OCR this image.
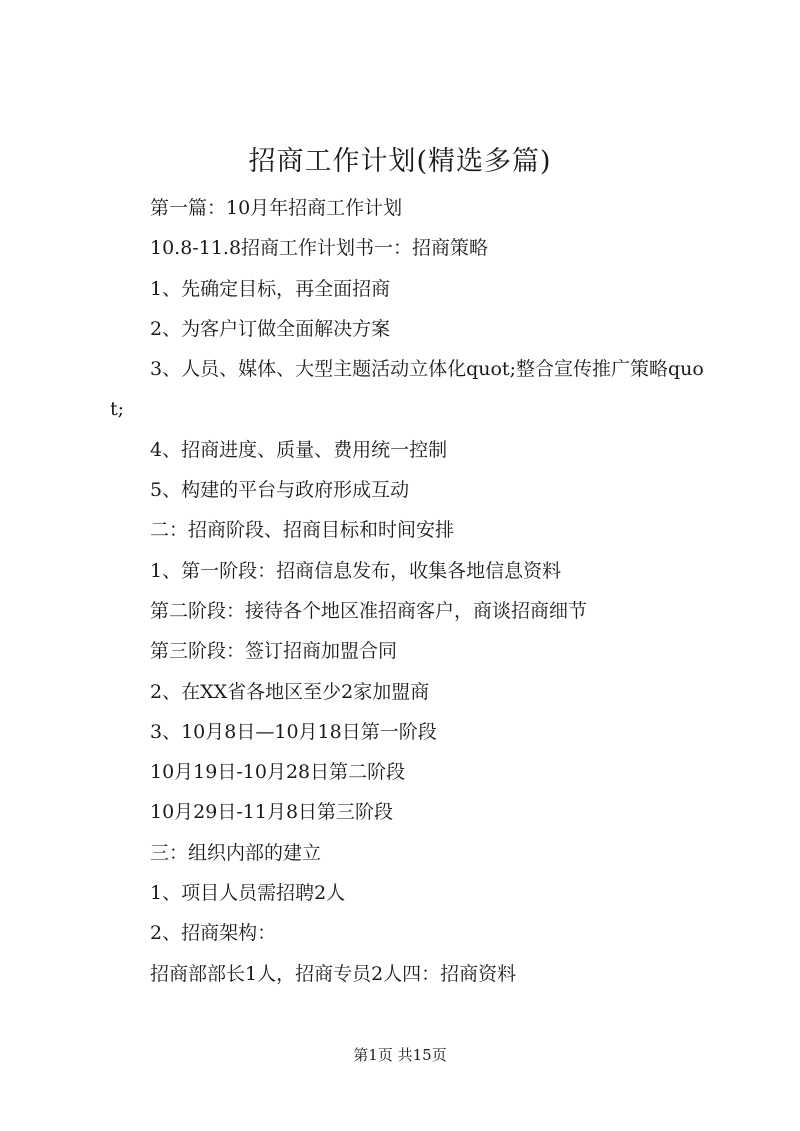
招商工作计划(精选多篇)

第一篇：10月年招商工作计划

10.8-11.8招商工作计划书一：招商策略

1、先确定目标，再全面招商

2、为客户订做全面解决方案

3、人员、媒体、大型主题活动立体化quot;整合宣传推广策略quot;

4、招商进度、质量、费用统一控制

5、构建的平台与政府形成互动

二：招商阶段、招商目标和时间安排

1、第一阶段：招商信息发布，收集各地信息资料

第二阶段：接待各个地区准招商客户，商谈招商细节

第三阶段：签订招商加盟合同

2、在XX省各地区至少2家加盟商

3、10月8日—10月18日第一阶段

10月19日-10月28日第二阶段

10月29日-11月8日第三阶段

三：组织内部的建立

1、项目人员需招聘2人

2、招商架构：

招商部部长1人，招商专员2人四：招商资料

第1页 共15页
